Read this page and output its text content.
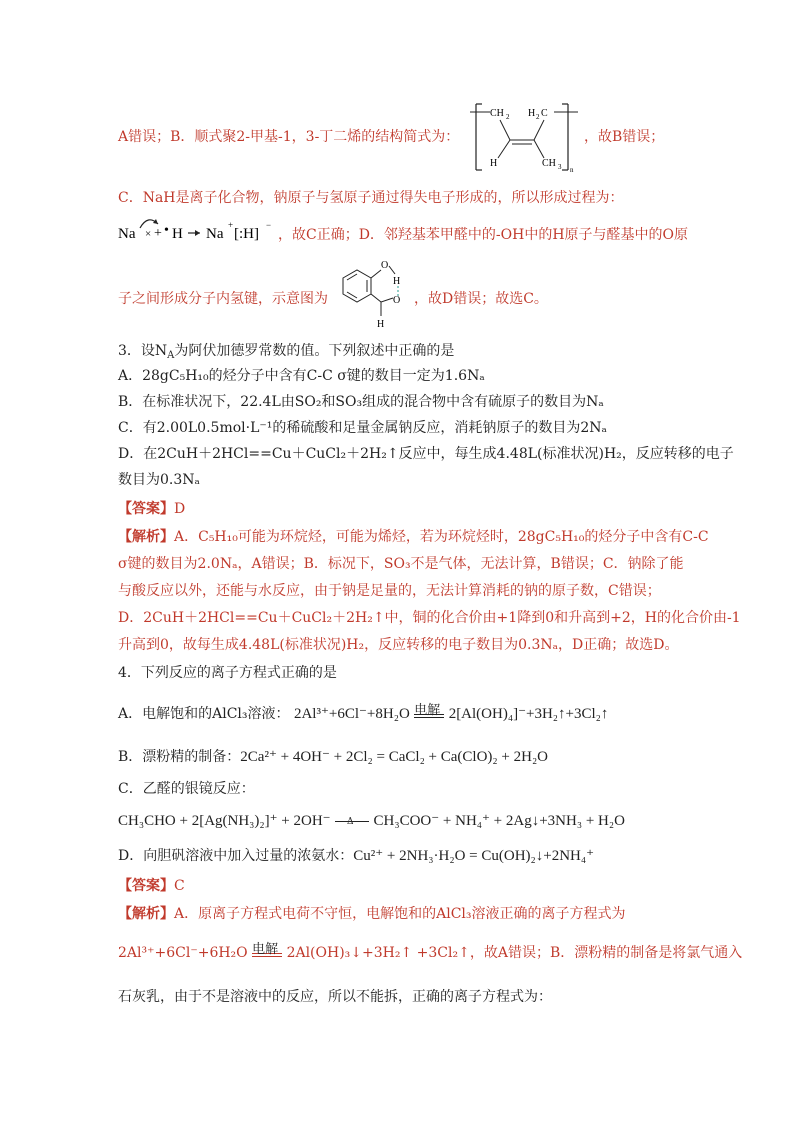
A错误；B．顺式聚2-甲基-1，3-丁二烯的结构简式为：
CH 2 H 2 C
H	CH 3 n
，故B错误；
C．NaH是离子化合物，钠原子与氢原子通过得失电子形成的，所以形成过程为：
Na × + • H Na
+
[:H]
−
，故C正确；D．邻羟基苯甲醛中的-OH中的H原子与醛基中的O原
子之间形成分子内氢键，示意图为
O
H
O
H
，故D错误；故选C。
3．设$N_A$为阿伏加德罗常数的值。下列叙述中正确的是
A．28gC₅H₁₀的烃分子中含有C-C σ键的数目一定为1.6Nₐ
B．在标准状况下，22.4L由SO₂和SO₃组成的混合物中含有硫原子的数目为Nₐ
C．有2.00L0.5mol·L⁻¹的稀硫酸和足量金属钠反应，消耗钠原子的数目为2Nₐ
D．在2CuH＋2HCl==Cu＋CuCl₂＋2H₂↑反应中，每生成4.48L(标准状况)H₂，反应转移的电子
数目为0.3Nₐ
【答案】D
【解析】A．C₅H₁₀可能为环烷烃，可能为烯烃，若为环烷烃时，28gC₅H₁₀的烃分子中含有C-C
σ键的数目为2.0Nₐ，A错误；B．标况下，SO₃不是气体，无法计算，B错误；C．钠除了能
与酸反应以外，还能与水反应，由于钠是足量的，无法计算消耗的钠的原子数，C错误；
D．2CuH＋2HCl==Cu＋CuCl₂＋2H₂↑中，铜的化合价由+1降到0和升高到+2，H的化合价由-1
升高到0，故每生成4.48L(标准状况)H₂，反应转移的电子数目为0.3Nₐ，D正确；故选D。
4．下列反应的离子方程式正确的是
A．电解饱和的AlCl₃溶液： 2Al³⁺+6Cl⁻+8H₂O 电解 2[Al(OH)₄]⁻+3H₂↑+3Cl₂↑
B．漂粉精的制备：2Ca²⁺ + 4OH⁻ + 2Cl₂ = CaCl₂ + Ca(ClO)₂ + 2H₂O
C．乙醛的银镜反应：
CH₃CHO + 2[Ag(NH₃)₂]⁺ + 2OH⁻ Δ CH₃COO⁻ + NH₄⁺ + 2Ag↓+3NH₃ + H₂O
D．向胆矾溶液中加入过量的浓氨水：Cu²⁺ + 2NH₃·H₂O = Cu(OH)₂↓+2NH₄⁺
【答案】C
【解析】A．原离子方程式电荷不守恒，电解饱和的AlCl₃溶液正确的离子方程式为
2Al³⁺+6Cl⁻+6H₂O 电解 2Al(OH)₃↓+3H₂↑ +3Cl₂↑，故A错误；B．漂粉精的制备是将氯气通入
石灰乳，由于不是溶液中的反应，所以不能拆，正确的离子方程式为：
